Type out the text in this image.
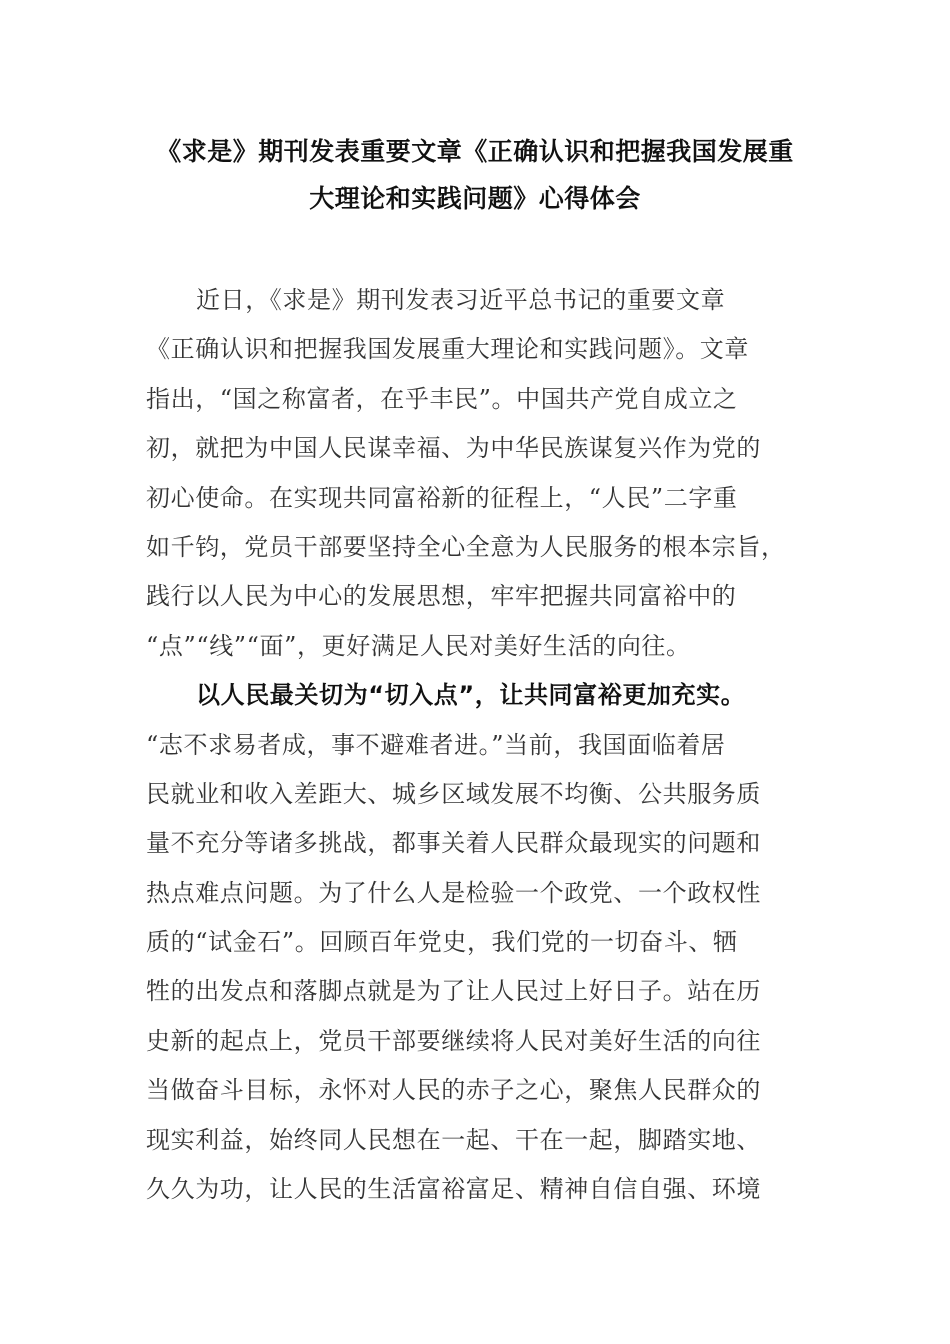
《求是》期刊发表重要文章《正确认识和把握我国发展重
大理论和实践问题》心得体会
近日，《求是》期刊发表习近平总书记的重要文章
《正确认识和把握我国发展重大理论和实践问题》。文章
指出，“国之称富者，在乎丰民”。中国共产党自成立之
初，就把为中国人民谋幸福、为中华民族谋复兴作为党的
初心使命。在实现共同富裕新的征程上，“人民”二字重
如千钧，党员干部要坚持全心全意为人民服务的根本宗旨，
践行以人民为中心的发展思想，牢牢把握共同富裕中的
“点”“线”“面”，更好满足人民对美好生活的向往。
以人民最关切为“切入点”，让共同富裕更加充实。
“志不求易者成，事不避难者进。”当前，我国面临着居
民就业和收入差距大、城乡区域发展不均衡、公共服务质
量不充分等诸多挑战，都事关着人民群众最现实的问题和
热点难点问题。为了什么人是检验一个政党、一个政权性
质的“试金石”。回顾百年党史，我们党的一切奋斗、牺
牲的出发点和落脚点就是为了让人民过上好日子。站在历
史新的起点上，党员干部要继续将人民对美好生活的向往
当做奋斗目标，永怀对人民的赤子之心，聚焦人民群众的
现实利益，始终同人民想在一起、干在一起，脚踏实地、
久久为功，让人民的生活富裕富足、精神自信自强、环境
